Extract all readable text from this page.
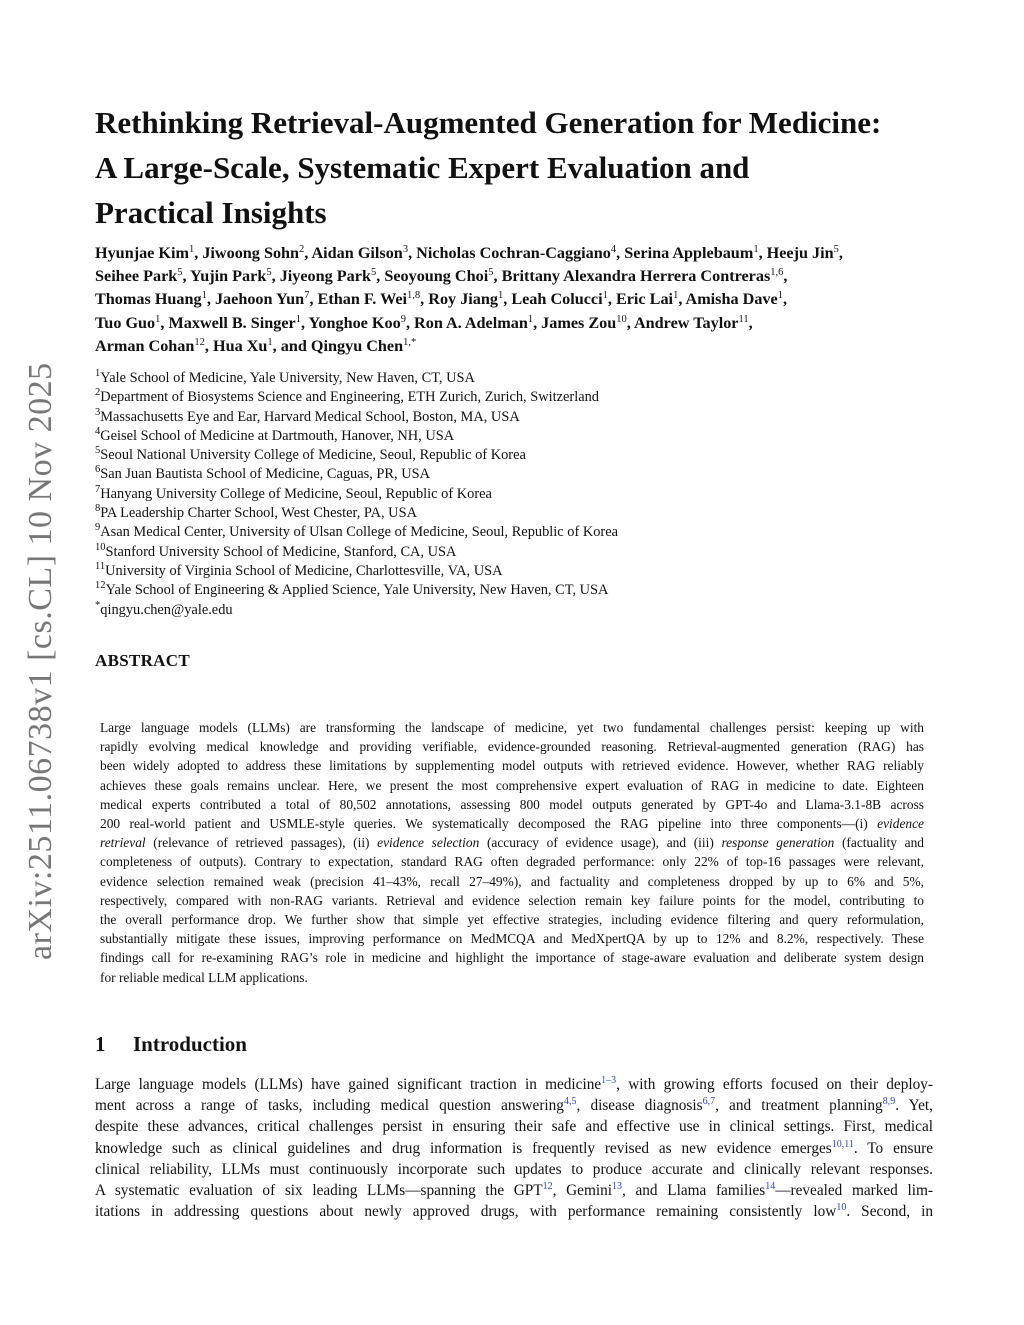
arXiv:2511.06738v1 [cs.CL] 10 Nov 2025
Rethinking Retrieval-Augmented Generation for Medicine:
A Large-Scale, Systematic Expert Evaluation and
Practical Insights
Hyunjae Kim$^1$, Jiwoong Sohn$^2$, Aidan Gilson$^3$, Nicholas Cochran-Caggiano$^4$, Serina Applebaum$^1$, Heeju Jin$^5$,
Seihee Park$^5$, Yujin Park$^5$, Jiyeong Park$^5$, Seoyoung Choi$^5$, Brittany Alexandra Herrera Contreras$^{1,6}$,
Thomas Huang$^1$, Jaehoon Yun$^7$, Ethan F. Wei$^{1,8}$, Roy Jiang$^1$, Leah Colucci$^1$, Eric Lai$^1$, Amisha Dave$^1$,
Tuo Guo$^1$, Maxwell B. Singer$^1$, Yonghoe Koo$^9$, Ron A. Adelman$^1$, James Zou$^{10}$, Andrew Taylor$^{11}$,
Arman Cohan$^{12}$, Hua Xu$^1$, and Qingyu Chen$^{1,*}$
$^1$Yale School of Medicine, Yale University, New Haven, CT, USA
$^2$Department of Biosystems Science and Engineering, ETH Zurich, Zurich, Switzerland
$^3$Massachusetts Eye and Ear, Harvard Medical School, Boston, MA, USA
$^4$Geisel School of Medicine at Dartmouth, Hanover, NH, USA
$^5$Seoul National University College of Medicine, Seoul, Republic of Korea
$^6$San Juan Bautista School of Medicine, Caguas, PR, USA
$^7$Hanyang University College of Medicine, Seoul, Republic of Korea
$^8$PA Leadership Charter School, West Chester, PA, USA
$^9$Asan Medical Center, University of Ulsan College of Medicine, Seoul, Republic of Korea
$^{10}$Stanford University School of Medicine, Stanford, CA, USA
$^{11}$University of Virginia School of Medicine, Charlottesville, VA, USA
$^{12}$Yale School of Engineering & Applied Science, Yale University, New Haven, CT, USA
*qingyu.chen@yale.edu
ABSTRACT
Large language models (LLMs) are transforming the landscape of medicine, yet two fundamental challenges persist: keeping up with
rapidly evolving medical knowledge and providing verifiable, evidence-grounded reasoning. Retrieval-augmented generation (RAG) has
been widely adopted to address these limitations by supplementing model outputs with retrieved evidence. However, whether RAG reliably
achieves these goals remains unclear. Here, we present the most comprehensive expert evaluation of RAG in medicine to date. Eighteen
medical experts contributed a total of 80,502 annotations, assessing 800 model outputs generated by GPT-4o and Llama-3.1-8B across
200 real-world patient and USMLE-style queries. We systematically decomposed the RAG pipeline into three components—(i) evidence
retrieval (relevance of retrieved passages), (ii) evidence selection (accuracy of evidence usage), and (iii) response generation (factuality and
completeness of outputs). Contrary to expectation, standard RAG often degraded performance: only 22% of top-16 passages were relevant,
evidence selection remained weak (precision 41–43%, recall 27–49%), and factuality and completeness dropped by up to 6% and 5%,
respectively, compared with non-RAG variants. Retrieval and evidence selection remain key failure points for the model, contributing to
the overall performance drop. We further show that simple yet effective strategies, including evidence filtering and query reformulation,
substantially mitigate these issues, improving performance on MedMCQA and MedXpertQA by up to 12% and 8.2%, respectively. These
findings call for re-examining RAG’s role in medicine and highlight the importance of stage-aware evaluation and deliberate system design
for reliable medical LLM applications.
1 Introduction
Large language models (LLMs) have gained significant traction in medicine$^{1-3}$, with growing efforts focused on their deploy-
ment across a range of tasks, including medical question answering$^{4,5}$, disease diagnosis$^{6,7}$, and treatment planning$^{8,9}$. Yet,
despite these advances, critical challenges persist in ensuring their safe and effective use in clinical settings. First, medical
knowledge such as clinical guidelines and drug information is frequently revised as new evidence emerges$^{10,11}$. To ensure
clinical reliability, LLMs must continuously incorporate such updates to produce accurate and clinically relevant responses.
A systematic evaluation of six leading LLMs—spanning the GPT$^{12}$, Gemini$^{13}$, and Llama families$^{14}$—revealed marked lim-
itations in addressing questions about newly approved drugs, with performance remaining consistently low$^{10}$. Second, in
